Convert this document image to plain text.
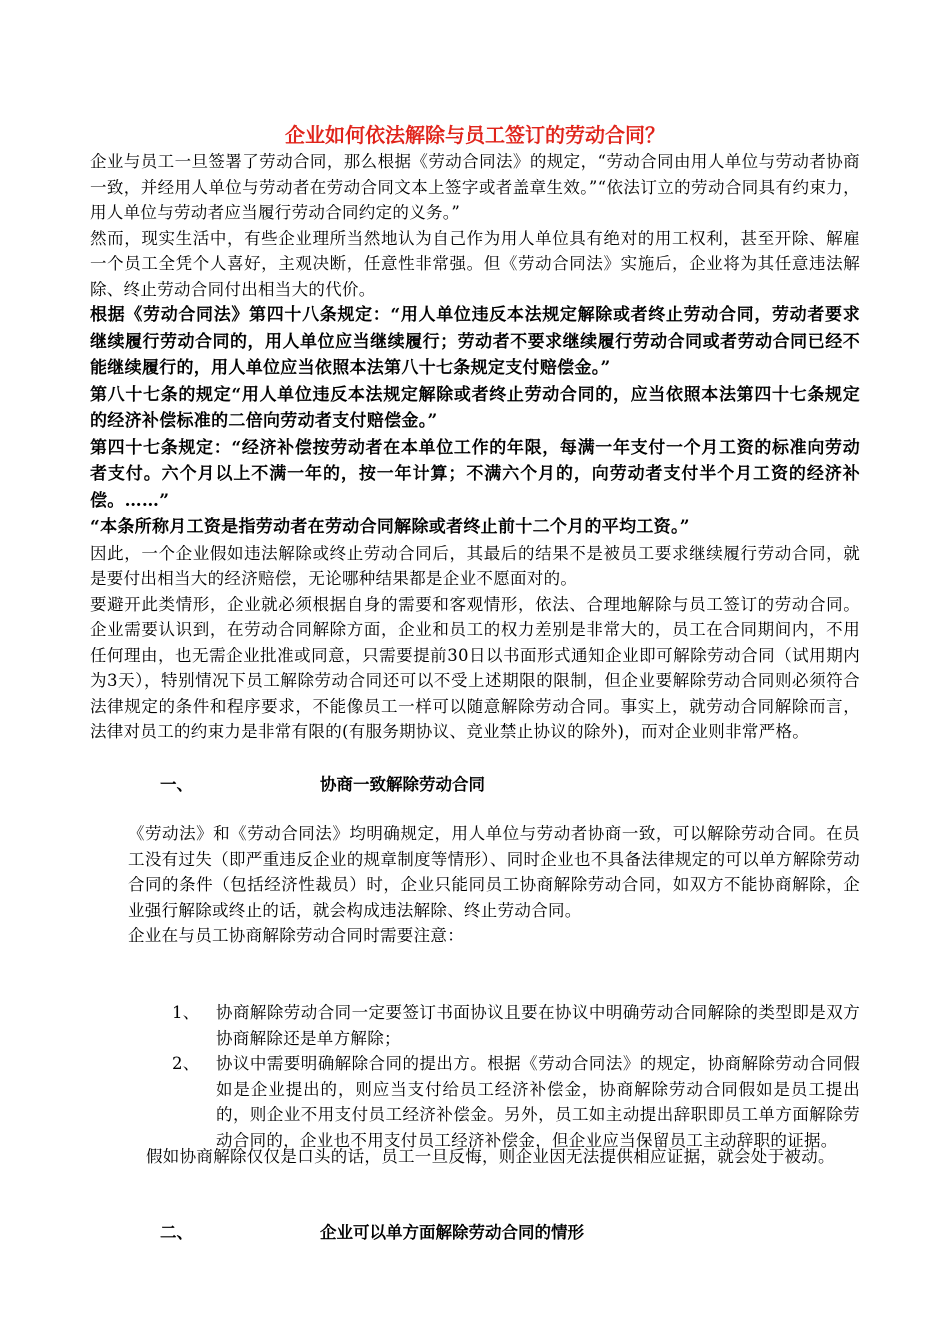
企业如何依法解除与员工签订的劳动合同？

企业与员工一旦签署了劳动合同，那么根据《劳动合同法》的规定，“劳动合同由用人单位与劳动者协商一致，并经用人单位与劳动者在劳动合同文本上签字或者盖章生效。”“依法订立的劳动合同具有约束力，用人单位与劳动者应当履行劳动合同约定的义务。”

然而，现实生活中，有些企业理所当然地认为自己作为用人单位具有绝对的用工权利，甚至开除、解雇一个员工全凭个人喜好，主观决断，任意性非常强。但《劳动合同法》实施后，企业将为其任意违法解除、终止劳动合同付出相当大的代价。

根据《劳动合同法》第四十八条规定：“用人单位违反本法规定解除或者终止劳动合同，劳动者要求继续履行劳动合同的，用人单位应当继续履行；劳动者不要求继续履行劳动合同或者劳动合同已经不能继续履行的，用人单位应当依照本法第八十七条规定支付赔偿金。”

第八十七条的规定“用人单位违反本法规定解除或者终止劳动合同的，应当依照本法第四十七条规定的经济补偿标准的二倍向劳动者支付赔偿金。”

第四十七条规定：“经济补偿按劳动者在本单位工作的年限，每满一年支付一个月工资的标准向劳动者支付。六个月以上不满一年的，按一年计算；不满六个月的，向劳动者支付半个月工资的经济补偿。……”

“本条所称月工资是指劳动者在劳动合同解除或者终止前十二个月的平均工资。”

因此，一个企业假如违法解除或终止劳动合同后，其最后的结果不是被员工要求继续履行劳动合同，就是要付出相当大的经济赔偿，无论哪种结果都是企业不愿面对的。

要避开此类情形，企业就必须根据自身的需要和客观情形，依法、合理地解除与员工签订的劳动合同。企业需要认识到，在劳动合同解除方面，企业和员工的权力差别是非常大的，员工在合同期间内，不用任何理由，也无需企业批准或同意，只需要提前30日以书面形式通知企业即可解除劳动合同（试用期内为3天），特别情况下员工解除劳动合同还可以不受上述期限的限制，但企业要解除劳动合同则必须符合法律规定的条件和程序要求，不能像员工一样可以随意解除劳动合同。事实上，就劳动合同解除而言，法律对员工的约束力是非常有限的(有服务期协议、竞业禁止协议的除外)，而对企业则非常严格。

一、	协商一致解除劳动合同

《劳动法》和《劳动合同法》均明确规定，用人单位与劳动者协商一致，可以解除劳动合同。在员工没有过失（即严重违反企业的规章制度等情形）、同时企业也不具备法律规定的可以单方解除劳动合同的条件（包括经济性裁员）时，企业只能同员工协商解除劳动合同，如双方不能协商解除，企业强行解除或终止的话，就会构成违法解除、终止劳动合同。

企业在与员工协商解除劳动合同时需要注意：

1、 协商解除劳动合同一定要签订书面协议且要在协议中明确劳动合同解除的类型即是双方协商解除还是单方解除；

2、 协议中需要明确解除合同的提出方。根据《劳动合同法》的规定，协商解除劳动合同假如是企业提出的，则应当支付给员工经济补偿金，协商解除劳动合同假如是员工提出的，则企业不用支付员工经济补偿金。另外，员工如主动提出辞职即员工单方面解除劳动合同的，企业也不用支付员工经济补偿金，但企业应当保留员工主动辞职的证据。

假如协商解除仅仅是口头的话，员工一旦反悔，则企业因无法提供相应证据，就会处于被动。

二、	企业可以单方面解除劳动合同的情形
